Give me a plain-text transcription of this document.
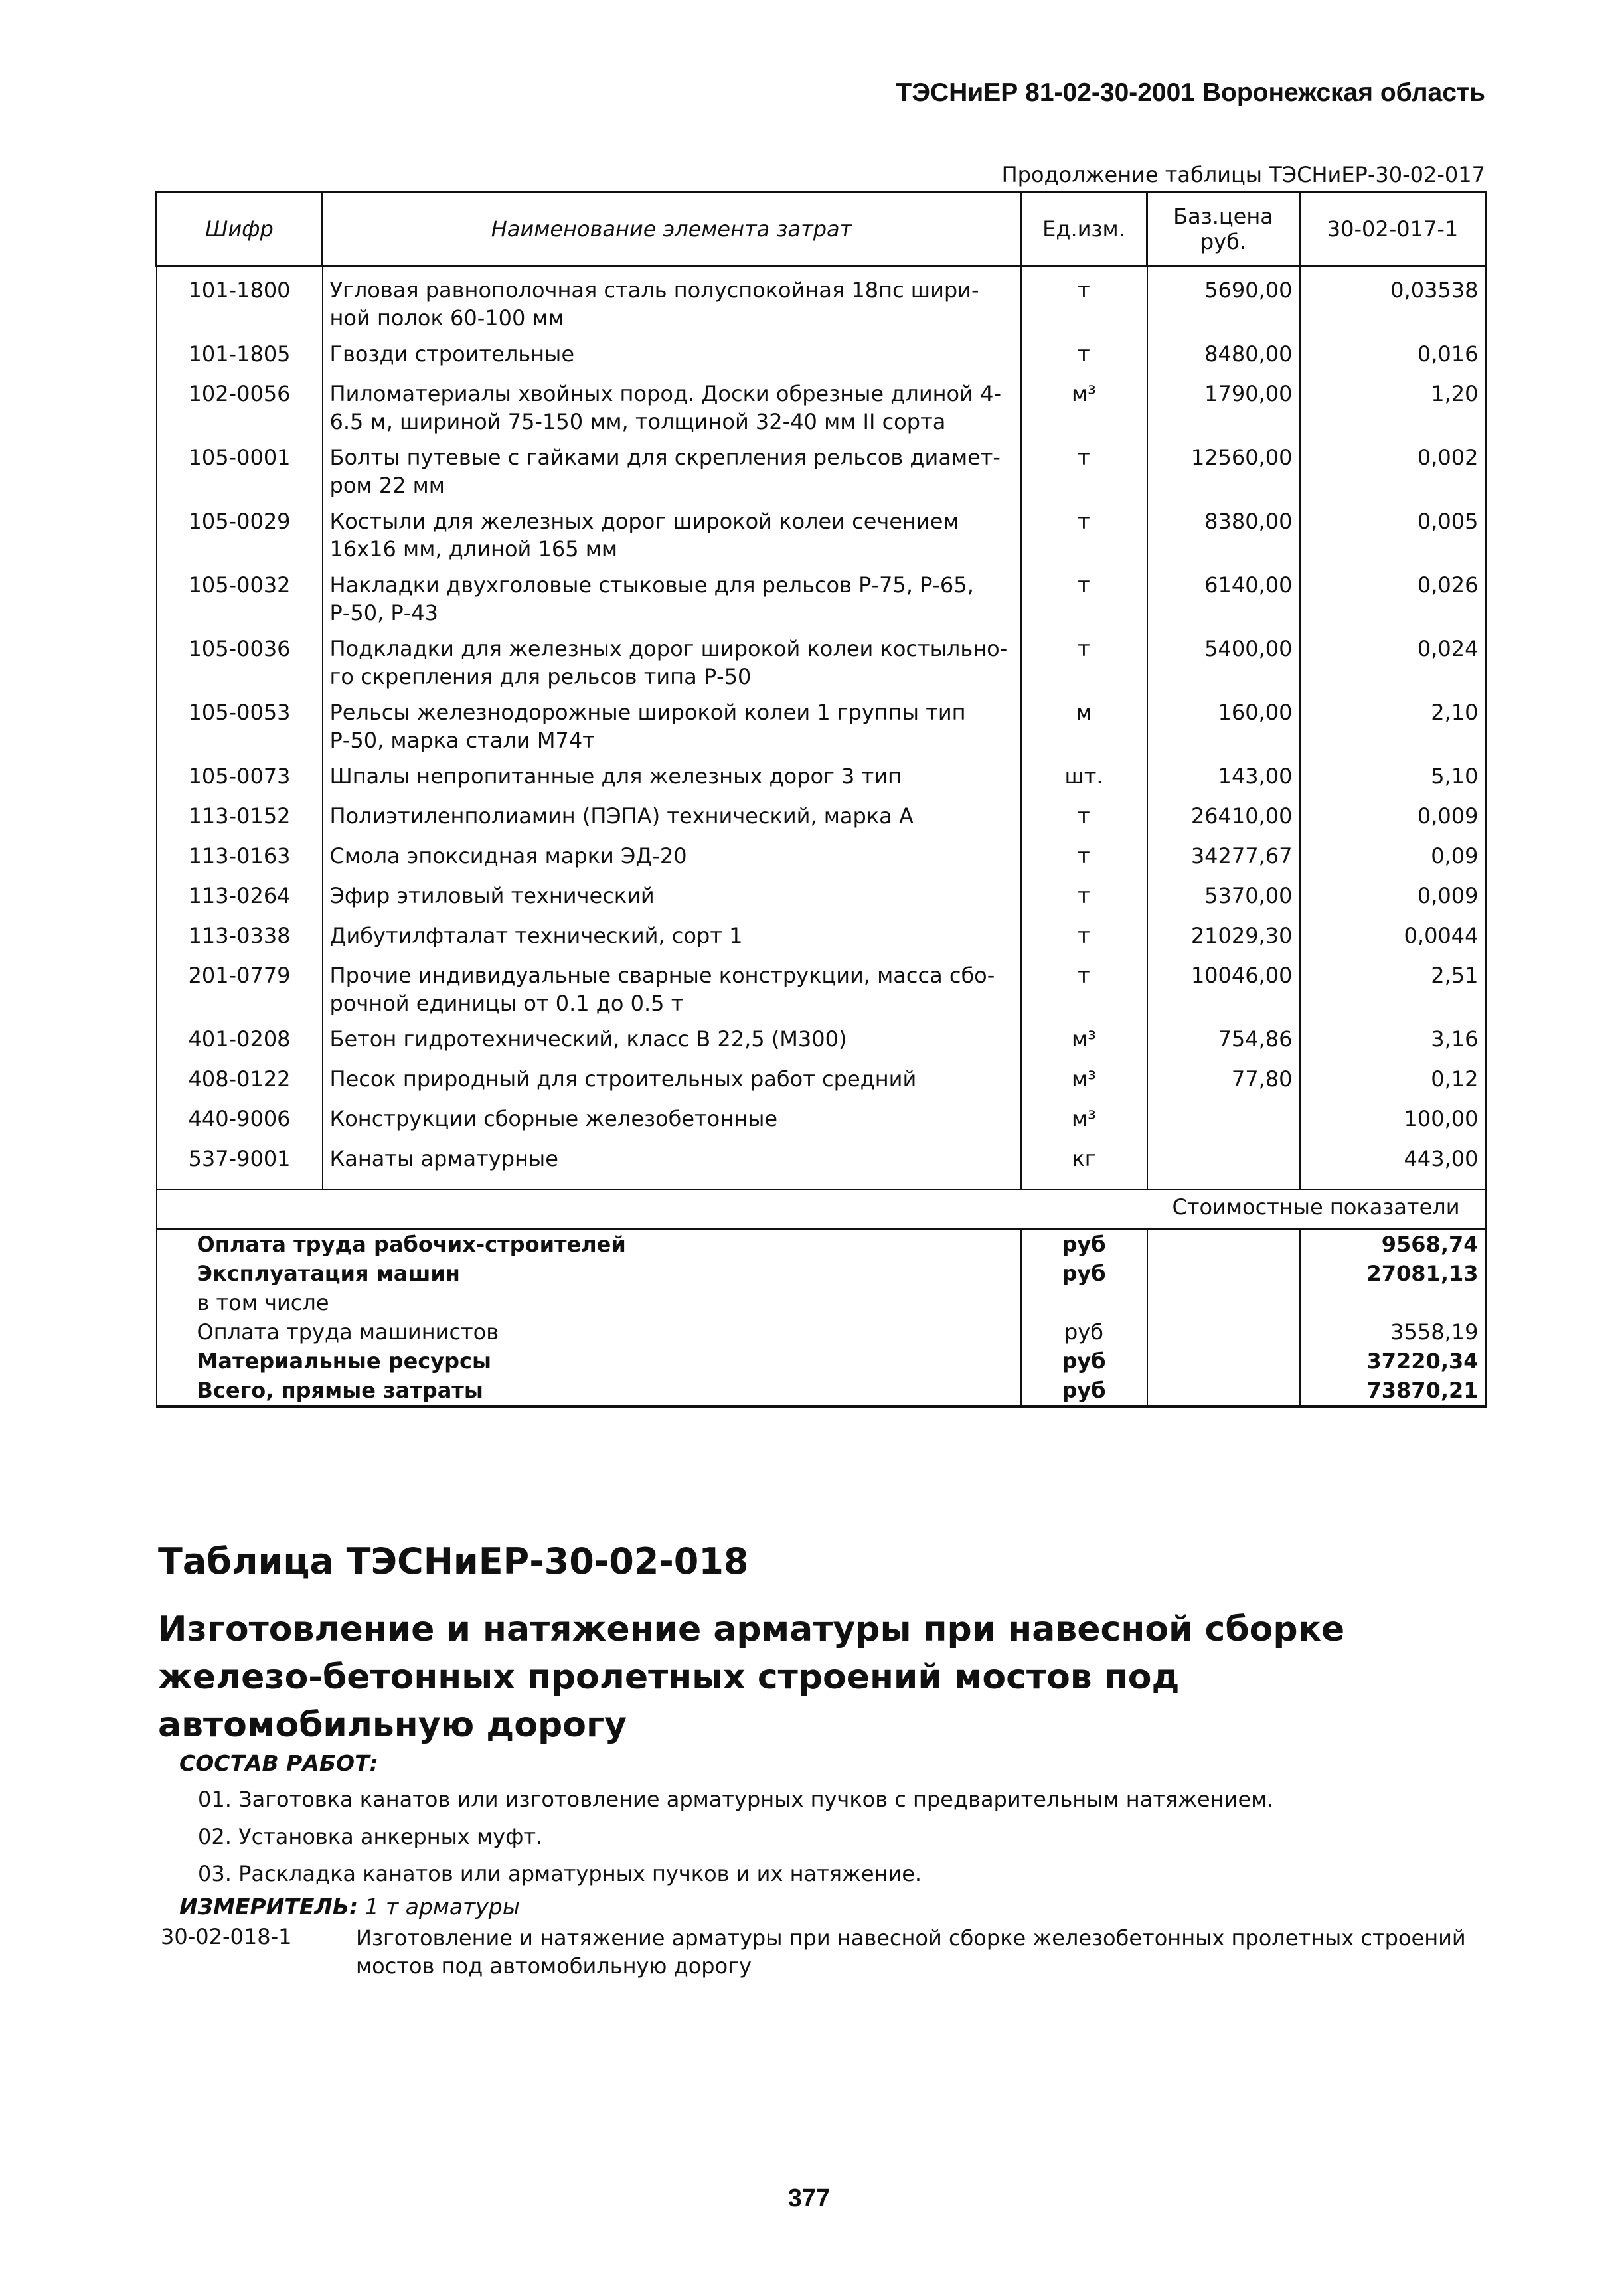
ТЭСНиЕР 81-02-30-2001 Воронежская область
Продолжение таблицы ТЭСНиЕР-30-02-017
Шифр	Наименование элемента затрат	Ед.изм.	Баз.цена руб.	30-02-017-1
101-1800	Угловая равнополочная сталь полуспокойная 18пс шири-ной полок 60-100 мм	т	5690,00	0,03538
101-1805	Гвозди строительные	т	8480,00	0,016
102-0056	Пиломатериалы хвойных пород. Доски обрезные длиной 4-6.5 м, шириной 75-150 мм, толщиной 32-40 мм II сорта	м³	1790,00	1,20
105-0001	Болты путевые с гайками для скрепления рельсов диамет-ром 22 мм	т	12560,00	0,002
105-0029	Костыли для железных дорог широкой колеи сечением 16х16 мм, длиной 165 мм	т	8380,00	0,005
105-0032	Накладки двухголовые стыковые для рельсов Р-75, Р-65, Р-50, Р-43	т	6140,00	0,026
105-0036	Подкладки для железных дорог широкой колеи костыльно-го скрепления для рельсов типа Р-50	т	5400,00	0,024
105-0053	Рельсы железнодорожные широкой колеи 1 группы тип Р-50, марка стали М74т	м	160,00	2,10
105-0073	Шпалы непропитанные для железных дорог 3 тип	шт.	143,00	5,10
113-0152	Полиэтиленполиамин (ПЭПА) технический, марка А	т	26410,00	0,009
113-0163	Смола эпоксидная марки ЭД-20	т	34277,67	0,09
113-0264	Эфир этиловый технический	т	5370,00	0,009
113-0338	Дибутилфталат технический, сорт 1	т	21029,30	0,0044
201-0779	Прочие индивидуальные сварные конструкции, масса сбо-рочной единицы от 0.1 до 0.5 т	т	10046,00	2,51
401-0208	Бетон гидротехнический, класс В 22,5 (М300)	м³	754,86	3,16
408-0122	Песок природный для строительных работ средний	м³	77,80	0,12
440-9006	Конструкции сборные железобетонные	м³		100,00
537-9001	Канаты арматурные	кг		443,00
			Стоимостные показатели	
Оплата труда рабочих-строителей		руб		9568,74
Эксплуатация машин		руб		27081,13
в том числе				
Оплата труда машинистов		руб		3558,19
Материальные ресурсы		руб		37220,34
Всего, прямые затраты		руб		73870,21
Таблица ТЭСНиЕР-30-02-018
Изготовление и натяжение арматуры при навесной сборке железо-бетонных пролетных строений мостов под автомобильную дорогу
СОСТАВ РАБОТ:
01. Заготовка канатов или изготовление арматурных пучков с предварительным натяжением.
02. Установка анкерных муфт.
03. Раскладка канатов или арматурных пучков и их натяжение.
ИЗМЕРИТЕЛЬ: 1 т арматуры
30-02-018-1	Изготовление и натяжение арматуры при навесной сборке железобетонных пролетных строений мостов под автомобильную дорогу
377
